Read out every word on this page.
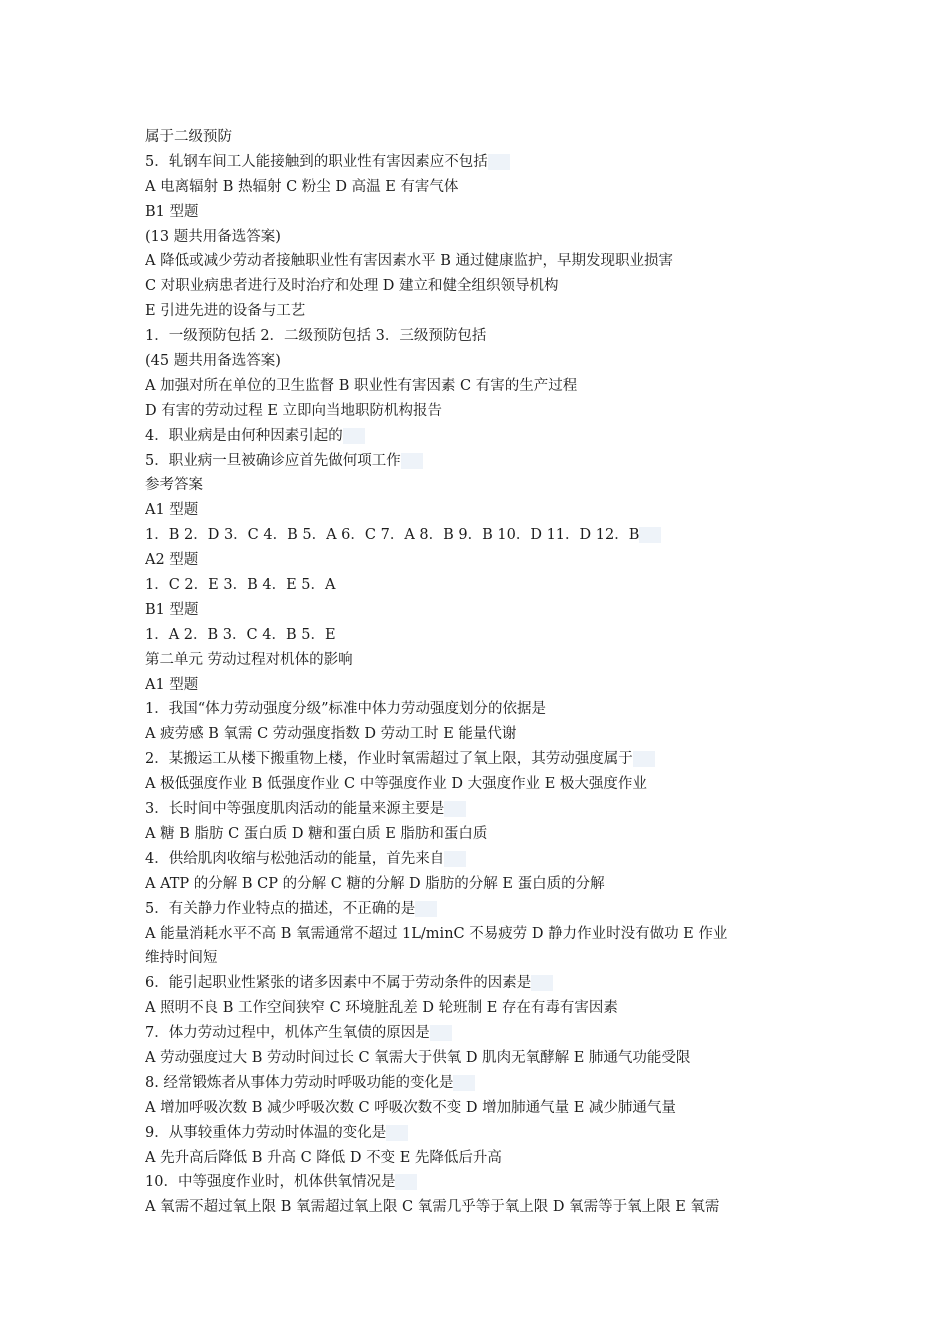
属于二级预防
5．轧钢车间工人能接触到的职业性有害因素应不包括
A 电离辐射 B 热辐射 C 粉尘 D 高温 E 有害气体
B1 型题
(13 题共用备选答案)
A 降低或减少劳动者接触职业性有害因素水平 B 通过健康监护，早期发现职业损害
C 对职业病患者进行及时治疗和处理 D 建立和健全组织领导机构
E 引进先进的设备与工艺
1．一级预防包括 2．二级预防包括 3．三级预防包括
(45 题共用备选答案)
A 加强对所在单位的卫生监督 B 职业性有害因素 C 有害的生产过程
D 有害的劳动过程 E 立即向当地职防机构报告
4．职业病是由何种因素引起的
5．职业病一旦被确诊应首先做何项工作
参考答案
A1 型题
1．B 2．D 3．C 4．B 5．A 6．C 7．A 8．B 9．B 10．D 11．D 12．B
A2 型题
1．C 2．E 3．B 4．E 5．A
B1 型题
1．A 2．B 3．C 4．B 5．E
第二单元 劳动过程对机体的影响
A1 型题
1．我国“体力劳动强度分级”标准中体力劳动强度划分的依据是
A 疲劳感 B 氧需 C 劳动强度指数 D 劳动工时 E 能量代谢
2．某搬运工从楼下搬重物上楼，作业时氧需超过了氧上限，其劳动强度属于
A 极低强度作业 B 低强度作业 C 中等强度作业 D 大强度作业 E 极大强度作业
3．长时间中等强度肌肉活动的能量来源主要是
A 糖 B 脂肪 C 蛋白质 D 糖和蛋白质 E 脂肪和蛋白质
4．供给肌肉收缩与松弛活动的能量，首先来自
A ATP 的分解 B CP 的分解 C 糖的分解 D 脂肪的分解 E 蛋白质的分解
5．有关静力作业特点的描述，不正确的是
A 能量消耗水平不高 B 氧需通常不超过 1L/minC 不易疲劳 D 静力作业时没有做功 E 作业
维持时间短
6．能引起职业性紧张的诸多因素中不属于劳动条件的因素是
A 照明不良 B 工作空间狭窄 C 环境脏乱差 D 轮班制 E 存在有毒有害因素
7．体力劳动过程中，机体产生氧债的原因是
A 劳动强度过大 B 劳动时间过长 C 氧需大于供氧 D 肌肉无氧酵解 E 肺通气功能受限
8. 经常锻炼者从事体力劳动时呼吸功能的变化是
A 增加呼吸次数 B 减少呼吸次数 C 呼吸次数不变 D 增加肺通气量 E 减少肺通气量
9．从事较重体力劳动时体温的变化是
A 先升高后降低 B 升高 C 降低 D 不变 E 先降低后升高
10．中等强度作业时，机体供氧情况是
A 氧需不超过氧上限 B 氧需超过氧上限 C 氧需几乎等于氧上限 D 氧需等于氧上限 E 氧需
